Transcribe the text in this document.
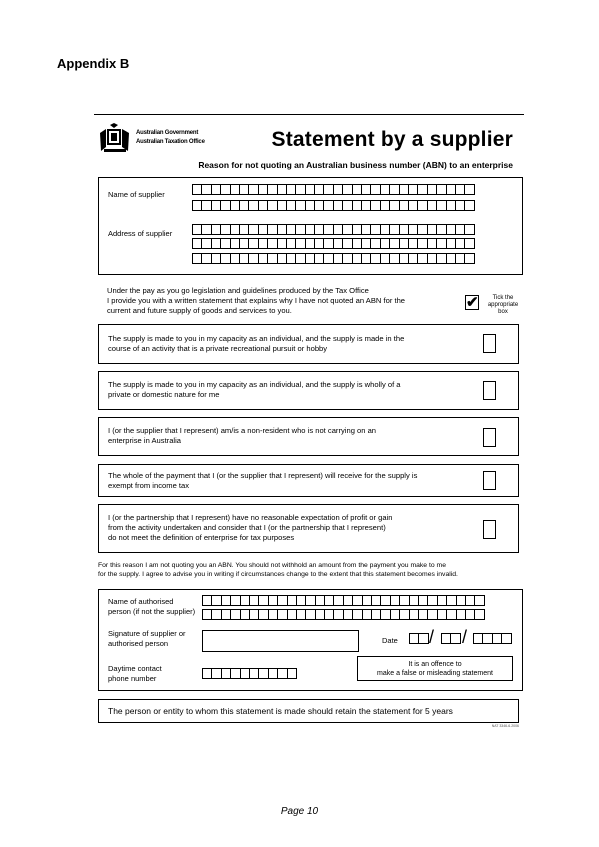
Appendix B
Australian Government
Australian Taxation Office	Statement by a supplier
Reason for not quoting an Australian business number (ABN) to an enterprise
Name of supplier
Address of supplier
Under the pay as you go legislation and guidelines produced by the Tax Office
I provide you with a written statement that explains why I have not quoted an ABN for the
current and future supply of goods and services to you.	✔	Tick the
appropriate
box
The supply is made to you in my capacity as an individual, and the supply is made in the
course of an activity that is a private recreational pursuit or hobby
The supply is made to you in my capacity as an individual, and the supply is wholly of a
private or domestic nature for me
I (or the supplier that I represent) am/is a non-resident who is not carrying on an
enterprise in Australia
The whole of the payment that I (or the supplier that I represent) will receive for the supply is
exempt from income tax
I (or the partnership that I represent) have no reasonable expectation of profit or gain
from the activity undertaken and consider that I (or the partnership that I represent)
do not meet the definition of enterprise for tax purposes
For this reason I am not quoting you an ABN. You should not withhold an amount from the payment you make to me
for the supply. I agree to advise you in writing if circumstances change to the extent that this statement becomes invalid.
Name of authorised
person (if not the supplier)
Signature of supplier or
authorised person	Date
Daytime contact
phone number
It is an offence to
make a false or misleading statement
/ /
The person or entity to whom this statement is made should retain the statement for 5 years
NAT 3346-6.2006
Page 10
